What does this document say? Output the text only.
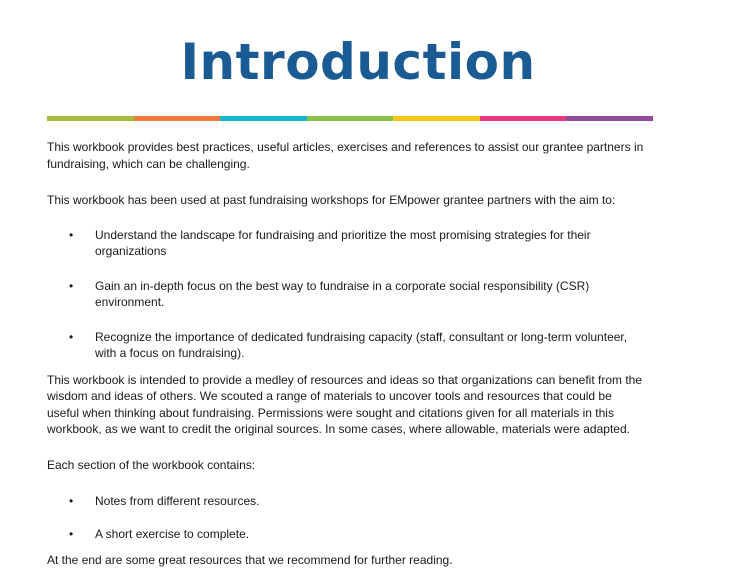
Introduction

This workbook provides best practices, useful articles, exercises and references to assist our grantee partners in fundraising, which can be challenging.

This workbook has been used at past fundraising workshops for EMpower grantee partners with the aim to:

• Understand the landscape for fundraising and prioritize the most promising strategies for their organizations
• Gain an in-depth focus on the best way to fundraise in a corporate social responsibility (CSR) environment.
• Recognize the importance of dedicated fundraising capacity (staff, consultant or long-term volunteer, with a focus on fundraising).

This workbook is intended to provide a medley of resources and ideas so that organizations can benefit from the wisdom and ideas of others. We scouted a range of materials to uncover tools and resources that could be useful when thinking about fundraising. Permissions were sought and citations given for all materials in this workbook, as we want to credit the original sources. In some cases, where allowable, materials were adapted.

Each section of the workbook contains:

• Notes from different resources.
• A short exercise to complete.

At the end are some great resources that we recommend for further reading.
